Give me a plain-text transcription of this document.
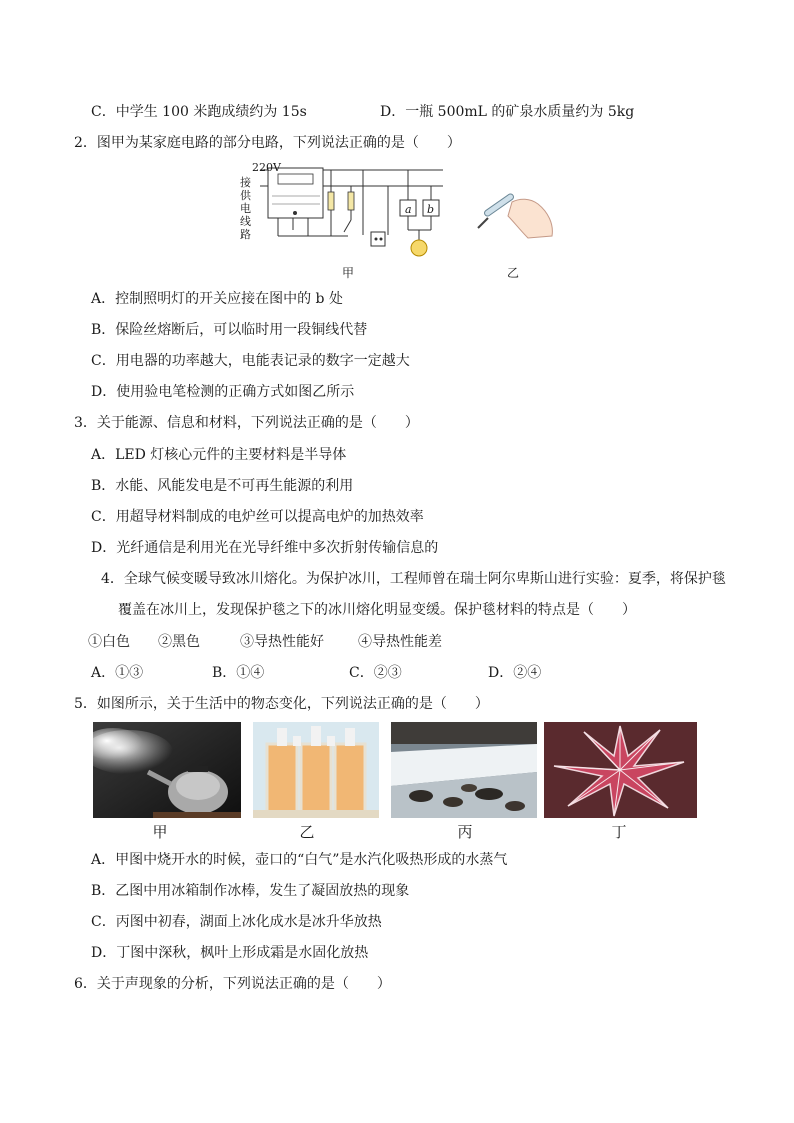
C．中学生 100 米跑成绩约为 15s	D．一瓶 500mL 的矿泉水质量约为 5kg
2．图甲为某家庭电路的部分电路，下列说法正确的是（　　）
220V
接供电线路
a b
甲	乙
A．控制照明灯的开关应接在图中的 b 处
B．保险丝熔断后，可以临时用一段铜线代替
C．用电器的功率越大，电能表记录的数字一定越大
D．使用验电笔检测的正确方式如图乙所示
3．关于能源、信息和材料，下列说法正确的是（　　）
A．LED 灯核心元件的主要材料是半导体
B．水能、风能发电是不可再生能源的利用
C．用超导材料制成的电炉丝可以提高电炉的加热效率
D．光纤通信是利用光在光导纤维中多次折射传输信息的
4．全球气候变暖导致冰川熔化。为保护冰川，工程师曾在瑞士阿尔卑斯山进行实验：夏季，将保护毯
覆盖在冰川上，发现保护毯之下的冰川熔化明显变缓。保护毯材料的特点是（　　）
①白色 ②黑色	③导热性能好 ④导热性能差
A．①③	B．①④	C．②③	D．②④
5．如图所示，关于生活中的物态变化，下列说法正确的是（　　）
甲	乙	丙	丁
A．甲图中烧开水的时候，壶口的“白气”是水汽化吸热形成的水蒸气
B．乙图中用冰箱制作冰棒，发生了凝固放热的现象
C．丙图中初春，湖面上冰化成水是冰升华放热
D．丁图中深秋，枫叶上形成霜是水固化放热
6．关于声现象的分析，下列说法正确的是（　　）
